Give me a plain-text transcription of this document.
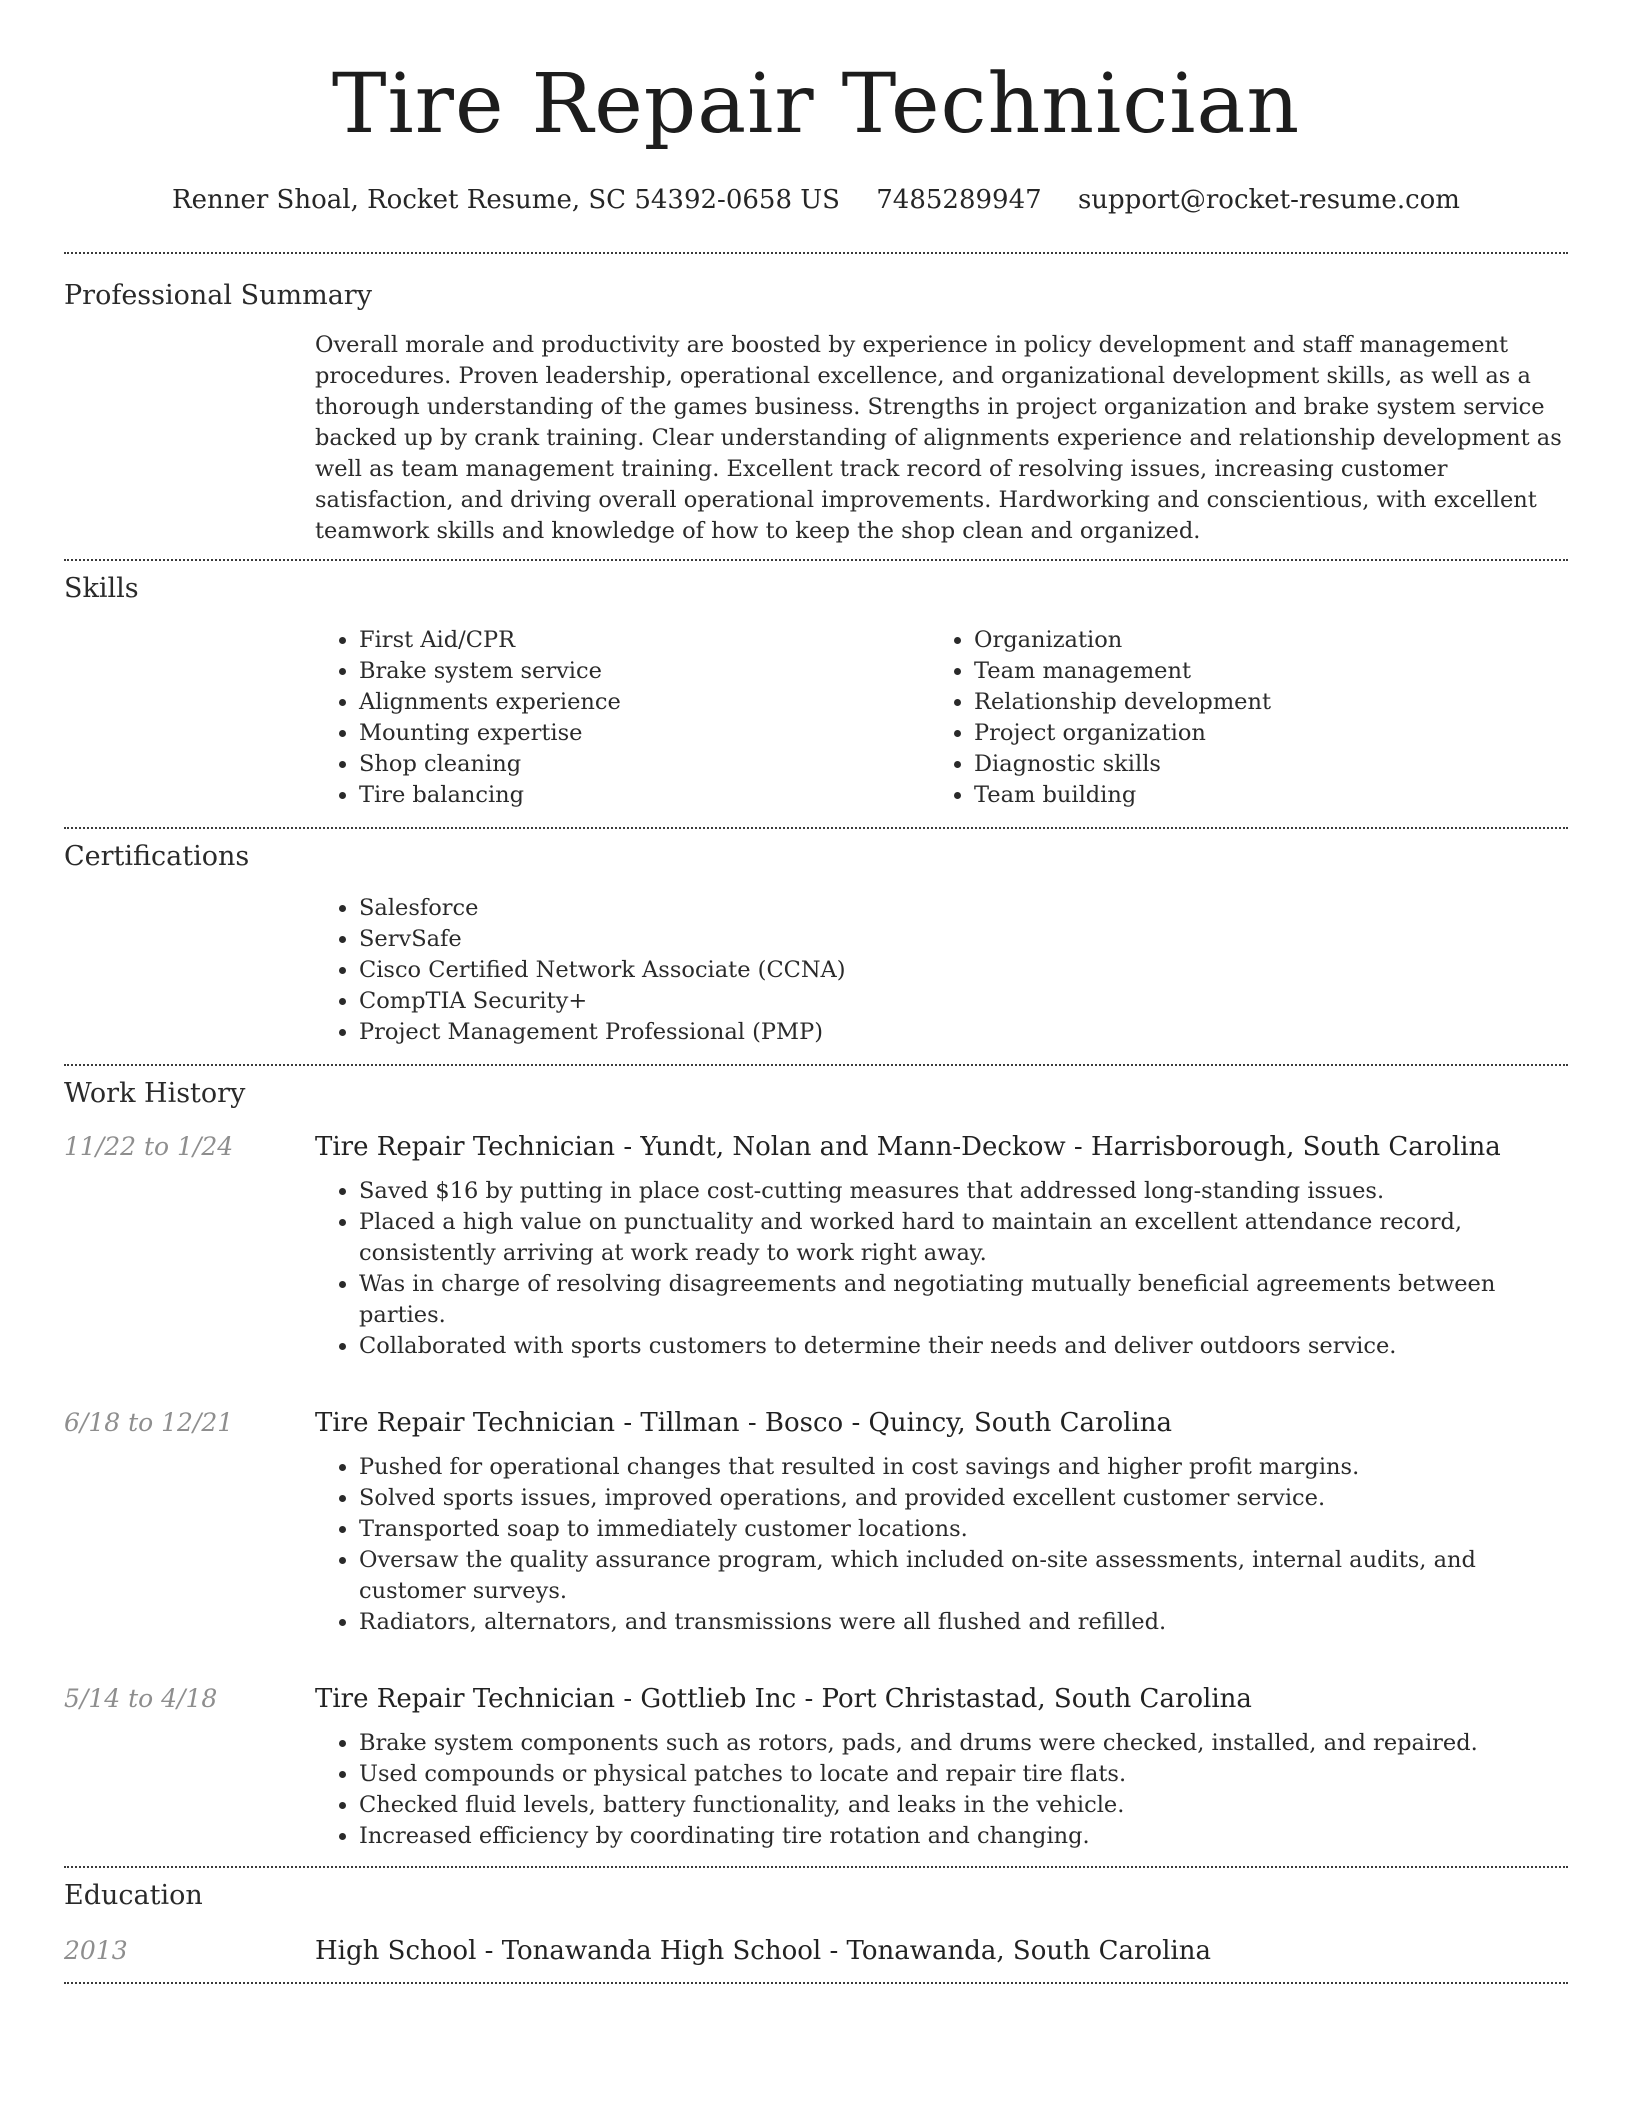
Tire Repair Technician
Renner Shoal, Rocket Resume, SC 54392-0658 US 7485289947 support@rocket-resume.com
Professional Summary

Overall morale and productivity are boosted by experience in policy development and staff management procedures. Proven leadership, operational excellence, and organizational development skills, as well as a thorough understanding of the games business. Strengths in project organization and brake system service backed up by crank training. Clear understanding of alignments experience and relationship development as well as team management training. Excellent track record of resolving issues, increasing customer satisfaction, and driving overall operational improvements. Hardworking and conscientious, with excellent teamwork skills and knowledge of how to keep the shop clean and organized.

Skills
• First Aid/CPR
• Brake system service
• Alignments experience
• Mounting expertise
• Shop cleaning
• Tire balancing
• Organization
• Team management
• Relationship development
• Project organization
• Diagnostic skills
• Team building
Certifications
• Salesforce
• ServSafe
• Cisco Certified Network Associate (CCNA)
• CompTIA Security+
• Project Management Professional (PMP)
Work History
11/22 to 1/24	Tire Repair Technician - Yundt, Nolan and Mann-Deckow - Harrisborough, South Carolina
• Saved $16 by putting in place cost-cutting measures that addressed long-standing issues.
• Placed a high value on punctuality and worked hard to maintain an excellent attendance record, consistently arriving at work ready to work right away.
• Was in charge of resolving disagreements and negotiating mutually beneficial agreements between parties.
• Collaborated with sports customers to determine their needs and deliver outdoors service.
6/18 to 12/21	Tire Repair Technician - Tillman - Bosco - Quincy, South Carolina
• Pushed for operational changes that resulted in cost savings and higher profit margins.
• Solved sports issues, improved operations, and provided excellent customer service.
• Transported soap to immediately customer locations.
• Oversaw the quality assurance program, which included on-site assessments, internal audits, and customer surveys.
• Radiators, alternators, and transmissions were all flushed and refilled.
5/14 to 4/18	Tire Repair Technician - Gottlieb Inc - Port Christastad, South Carolina
• Brake system components such as rotors, pads, and drums were checked, installed, and repaired.
• Used compounds or physical patches to locate and repair tire flats.
• Checked fluid levels, battery functionality, and leaks in the vehicle.
• Increased efficiency by coordinating tire rotation and changing.
Education
2013	High School - Tonawanda High School - Tonawanda, South Carolina
